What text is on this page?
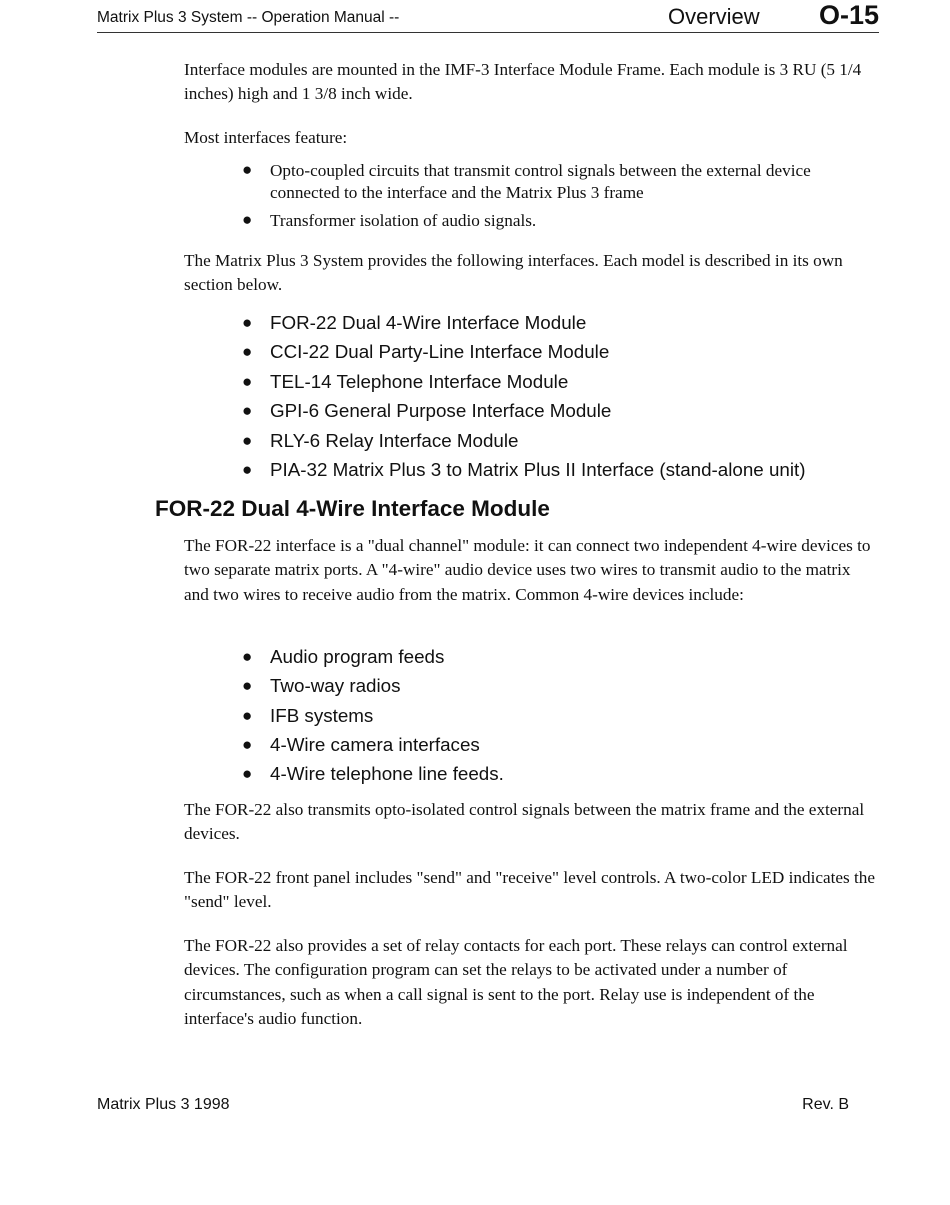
Matrix Plus 3 System -- Operation Manual --	Overview O-15

Interface modules are mounted in the IMF-3 Interface Module Frame. Each module is 3 RU (5 1/4 inches) high and 1 3/8 inch wide.

Most interfaces feature:

● Opto-coupled circuits that transmit control signals between the external device connected to the interface and the Matrix Plus 3 frame
● Transformer isolation of audio signals.

The Matrix Plus 3 System provides the following interfaces. Each model is described in its own section below.

● FOR-22 Dual 4-Wire Interface Module
● CCI-22 Dual Party-Line Interface Module
● TEL-14 Telephone Interface Module
● GPI-6 General Purpose Interface Module
● RLY-6 Relay Interface Module
● PIA-32 Matrix Plus 3 to Matrix Plus II Interface (stand-alone unit)
FOR-22 Dual 4-Wire Interface Module

The FOR-22 interface is a "dual channel" module: it can connect two independent 4-wire devices to two separate matrix ports. A "4-wire" audio device uses two wires to transmit audio to the matrix and two wires to receive audio from the matrix. Common 4-wire devices include:

● Audio program feeds
● Two-way radios
● IFB systems
● 4-Wire camera interfaces
● 4-Wire telephone line feeds.

The FOR-22 also transmits opto-isolated control signals between the matrix frame and the external devices.

The FOR-22 front panel includes "send" and "receive" level controls. A two-color LED indicates the "send" level.

The FOR-22 also provides a set of relay contacts for each port. These relays can control external devices. The configuration program can set the relays to be activated under a number of circumstances, such as when a call signal is sent to the port. Relay use is independent of the interface's audio function.

Matrix Plus 3 1998	Rev. B
